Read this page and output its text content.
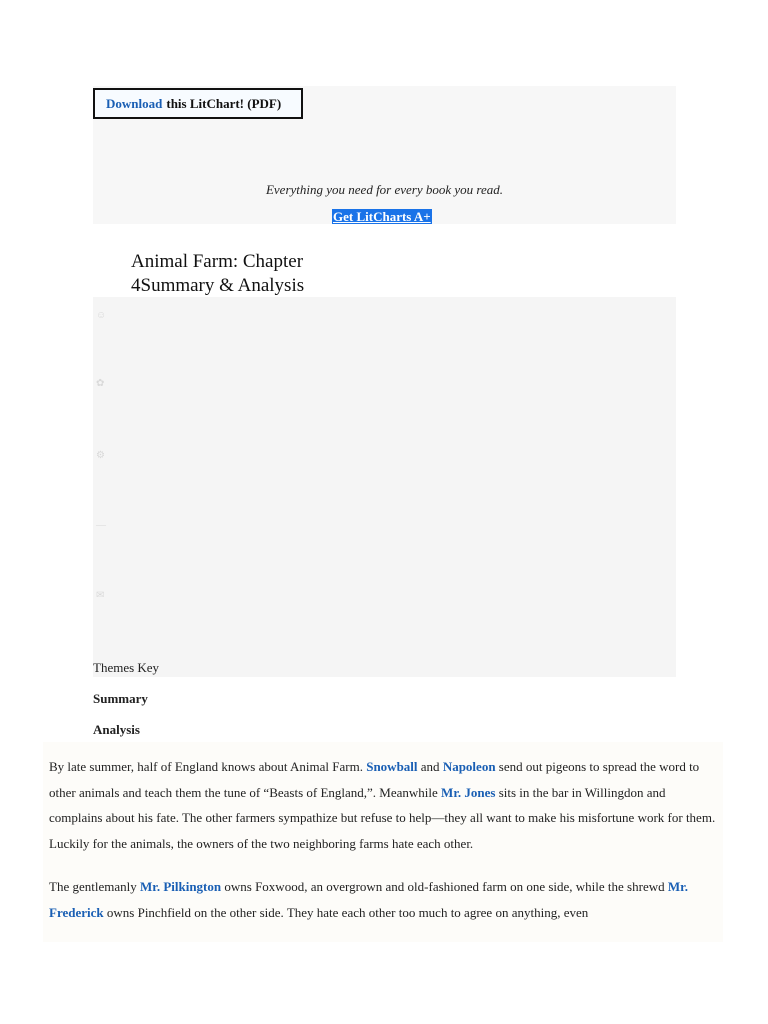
Download this LitChart! (PDF)
Everything you need for every book you read.
Get LitCharts A+
Animal Farm: Chapter
4Summary & Analysis
☺
✿
⚙
—
✉
Themes Key
Summary
Analysis
By late summer, half of England knows about Animal Farm. Snowball and Napoleon send out pigeons to spread the word to other animals and teach them the tune of “Beasts of England,”. Meanwhile Mr. Jones sits in the bar in Willingdon and complains about his fate. The other farmers sympathize but refuse to help—they all want to make his misfortune work for them. Luckily for the animals, the owners of the two neighboring farms hate each other.
The gentlemanly Mr. Pilkington owns Foxwood, an overgrown and old-fashioned farm on one side, while the shrewd Mr. Frederick owns Pinchfield on the other side. They hate each other too much to agree on anything, even
